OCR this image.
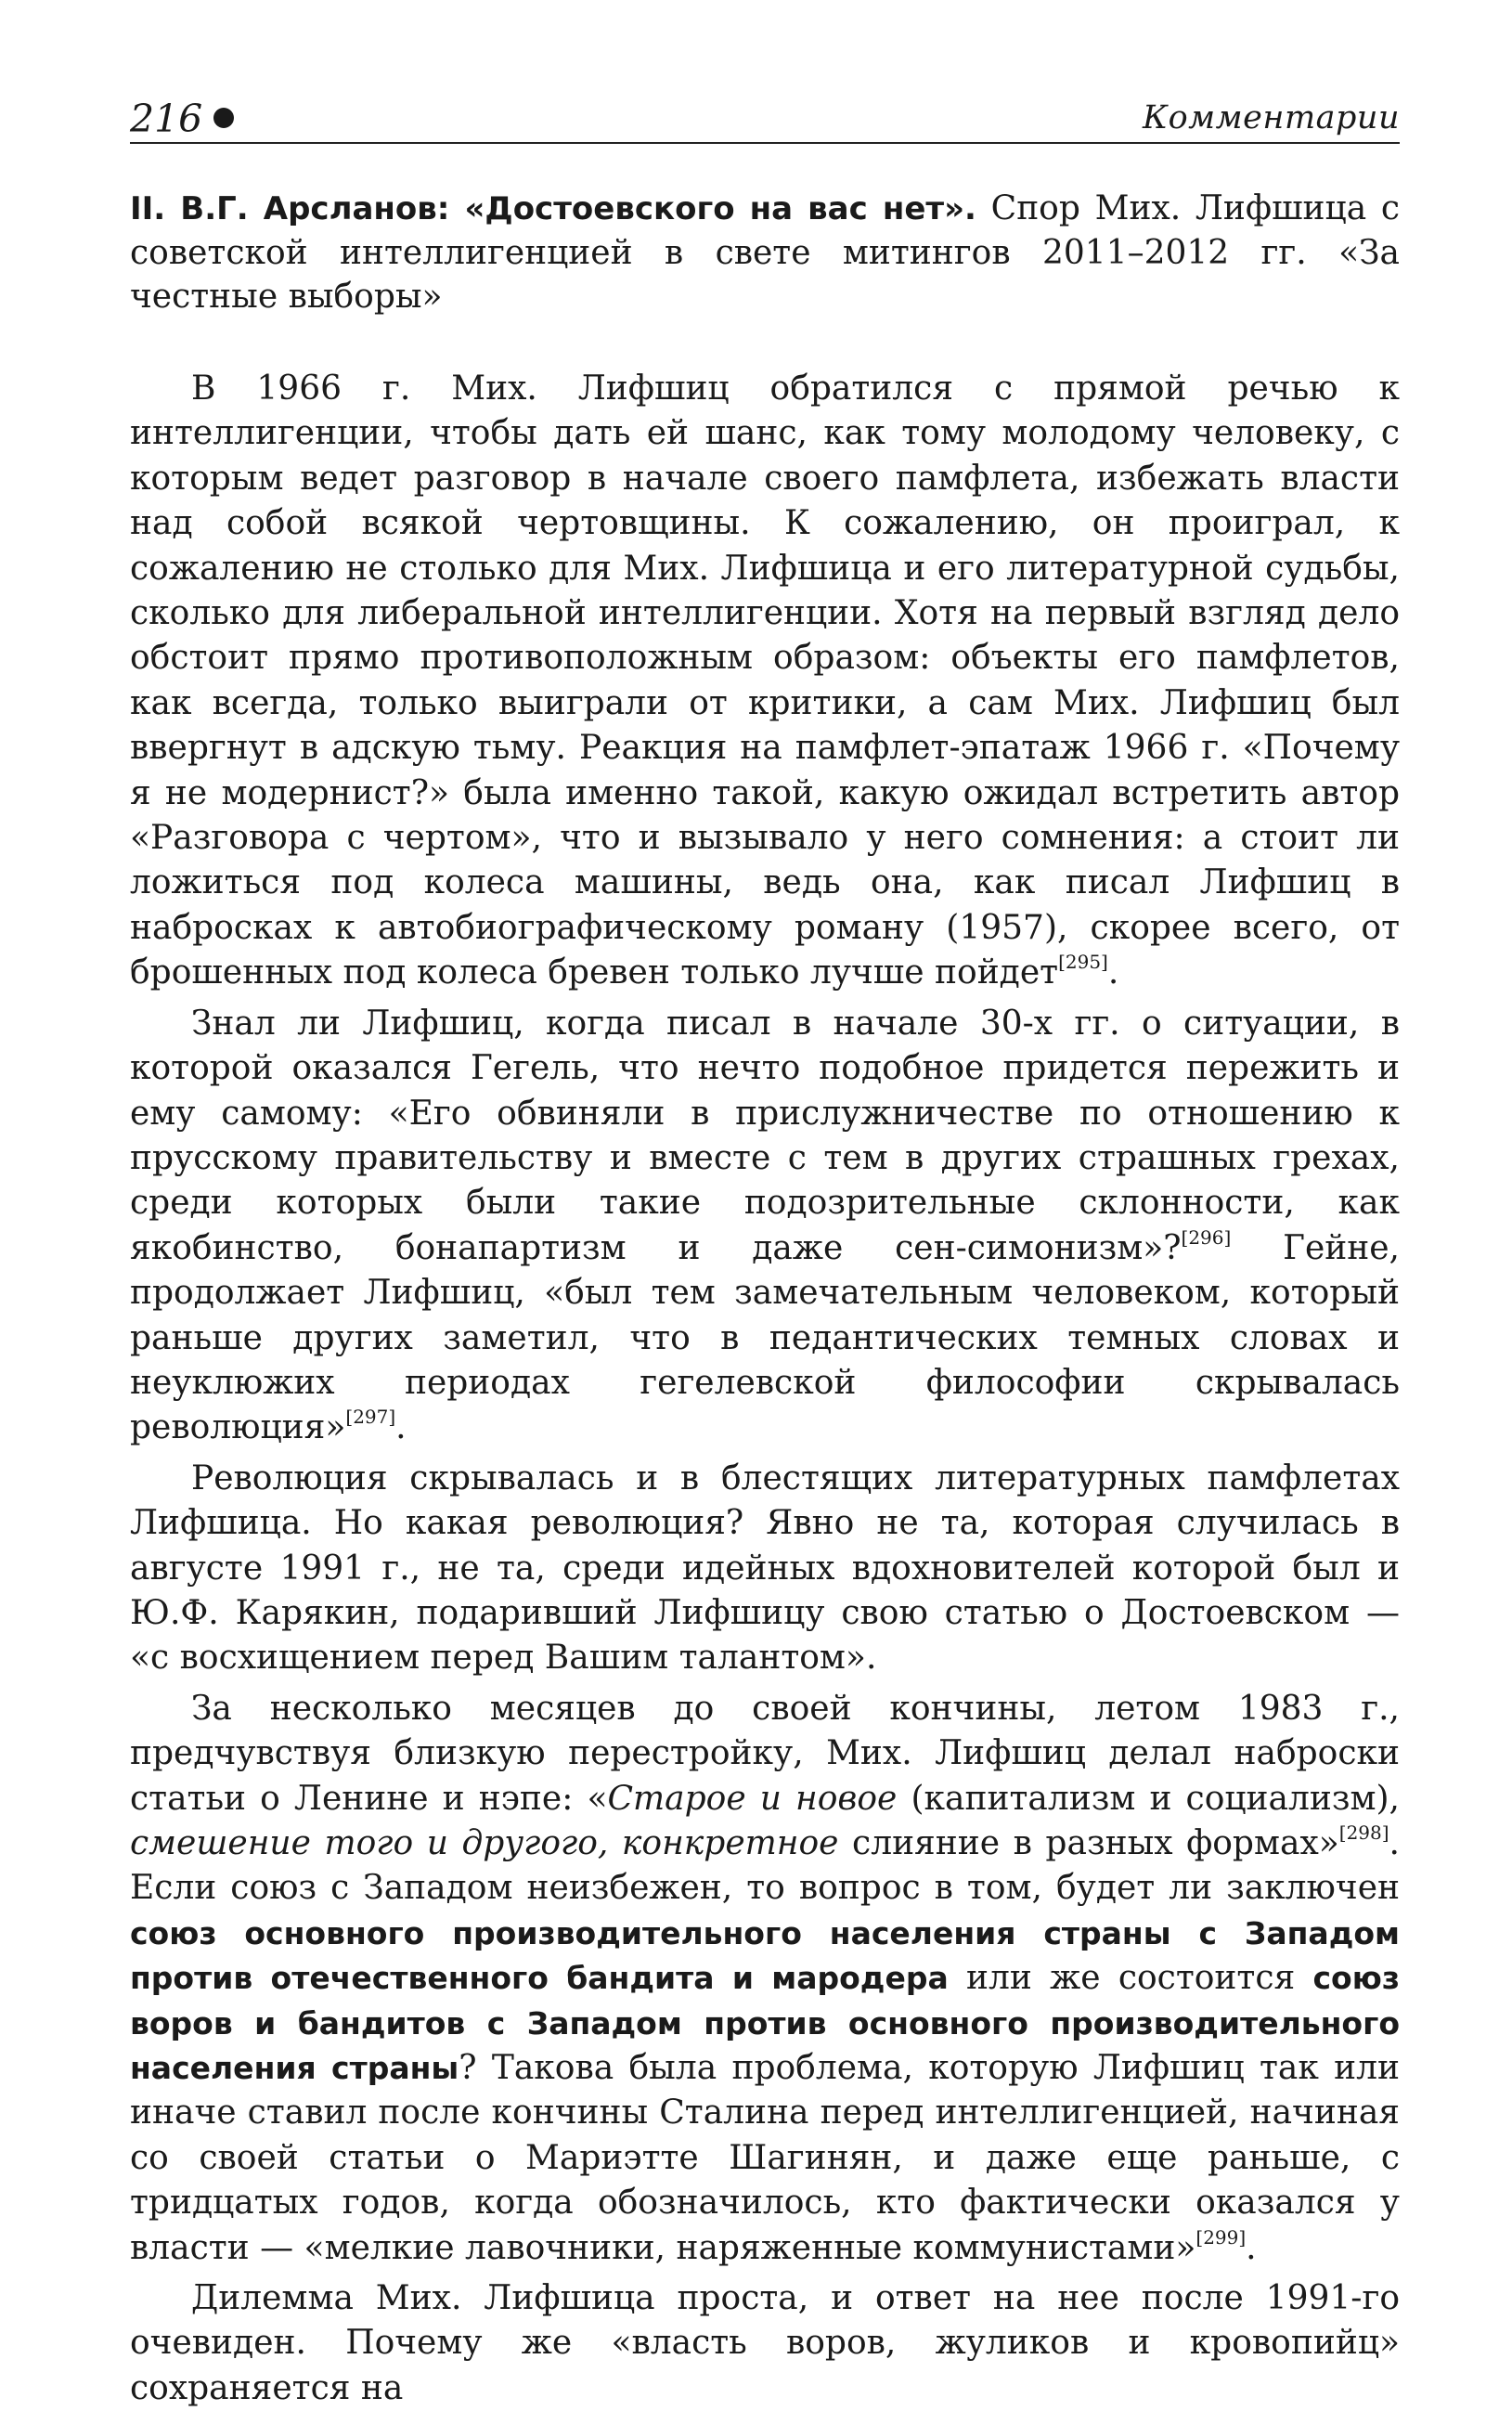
216	Комментарии
II. В.Г. Арсланов: «Достоевского на вас нет». Спор Мих. Лифшица с советской интеллигенцией в свете митингов 2011–2012 гг. «За честные выборы»

В 1966 г. Мих. Лифшиц обратился с прямой речью к интеллигенции, чтобы дать ей шанс, как тому молодому человеку, с которым ведет разговор в начале своего памфлета, избежать власти над собой всякой чертовщины. К сожалению, он проиграл, к сожалению не столько для Мих. Лифшица и его литературной судьбы, сколько для либеральной интеллигенции. Хотя на первый взгляд дело обстоит прямо противоположным образом: объекты его памфлетов, как всегда, только выиграли от критики, а сам Мих. Лифшиц был ввергнут в адскую тьму. Реакция на памфлет-эпатаж 1966 г. «Почему я не модернист?» была именно такой, какую ожидал встретить автор «Разговора с чертом», что и вызывало у него сомнения: а стоит ли ложиться под колеса машины, ведь она, как писал Лифшиц в набросках к автобиографическому роману (1957), скорее всего, от брошенных под колеса бревен только лучше пойдет[295].

Знал ли Лифшиц, когда писал в начале 30-х гг. о ситуации, в которой оказался Гегель, что нечто подобное придется пережить и ему самому: «Его обвиняли в прислужничестве по отношению к прусскому правительству и вместе с тем в других страшных грехах, среди которых были такие подозрительные склонности, как якобинство, бонапартизм и даже сен-симонизм»?[296] Гейне, продолжает Лифшиц, «был тем замечательным человеком, который раньше других заметил, что в педантических темных словах и неуклюжих периодах гегелевской философии скрывалась революция»[297].

Революция скрывалась и в блестящих литературных памфлетах Лифшица. Но какая революция? Явно не та, которая случилась в августе 1991 г., не та, среди идейных вдохновителей которой был и Ю.Ф. Карякин, подаривший Лифшицу свою статью о Достоевском — «с восхищением перед Вашим талантом».

За несколько месяцев до своей кончины, летом 1983 г., предчувствуя близкую перестройку, Мих. Лифшиц делал наброски статьи о Ленине и нэпе: «Старое и новое (капитализм и социализм), смешение того и другого, конкретное слияние в разных формах»[298]. Если союз с Западом неизбежен, то вопрос в том, будет ли заключен союз основного производительного населения страны с Западом против отечественного бандита и мародера или же состоится союз воров и бандитов с Западом против основного производительного населения страны? Такова была проблема, которую Лифшиц так или иначе ставил после кончины Сталина перед интеллигенцией, начиная со своей статьи о Мариэтте Шагинян, и даже еще раньше, с тридцатых годов, когда обозначилось, кто фактически оказался у власти — «мелкие лавочники, наряженные коммунистами»[299].

Дилемма Мих. Лифшица проста, и ответ на нее после 1991-го очевиден. Почему же «власть воров, жуликов и кровопийц» сохраняется на
